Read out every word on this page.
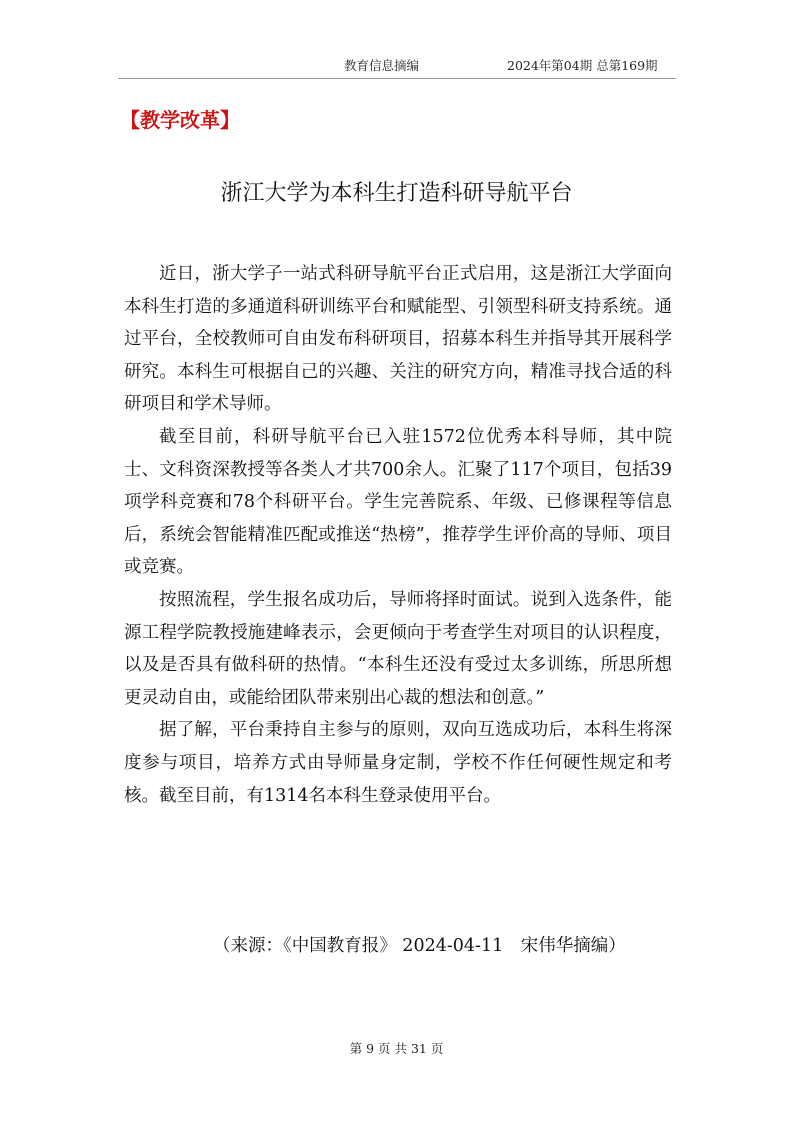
教育信息摘编	2024年第04期 总第169期
【教学改革】
浙江大学为本科生打造科研导航平台

近日，浙大学子一站式科研导航平台正式启用，这是浙江大学面向本科生打造的多通道科研训练平台和赋能型、引领型科研支持系统。通过平台，全校教师可自由发布科研项目，招募本科生并指导其开展科学研究。本科生可根据自己的兴趣、关注的研究方向，精准寻找合适的科研项目和学术导师。

截至目前，科研导航平台已入驻1572位优秀本科导师，其中院士、文科资深教授等各类人才共700余人。汇聚了117个项目，包括39项学科竞赛和78个科研平台。学生完善院系、年级、已修课程等信息后，系统会智能精准匹配或推送“热榜”，推荐学生评价高的导师、项目或竞赛。

按照流程，学生报名成功后，导师将择时面试。说到入选条件，能源工程学院教授施建峰表示，会更倾向于考查学生对项目的认识程度，以及是否具有做科研的热情。“本科生还没有受过太多训练，所思所想更灵动自由，或能给团队带来别出心裁的想法和创意。”

据了解，平台秉持自主参与的原则，双向互选成功后，本科生将深度参与项目，培养方式由导师量身定制，学校不作任何硬性规定和考核。截至目前，有1314名本科生登录使用平台。

（来源：《中国教育报》 2024-04-11　宋伟华摘编）
第 9 页 共 31 页
